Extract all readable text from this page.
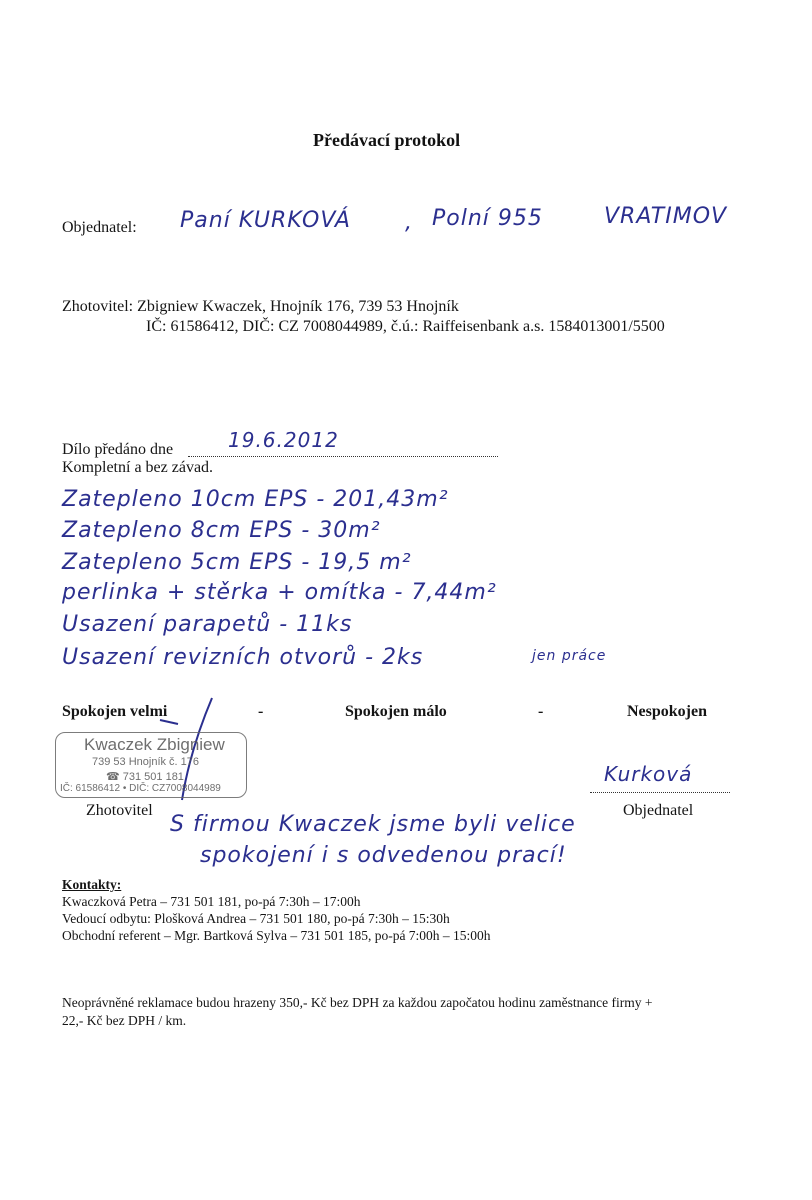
Předávací protokol
Objednatel: Paní KURKOVÁ , Polní 955	VRATIMOV
Zhotovitel: Zbigniew Kwaczek, Hnojník 176, 739 53 Hnojník
IČ: 61586412, DIČ: CZ 7008044989, č.ú.: Raiffeisenbank a.s. 1584013001/5500
Dílo předáno dne	19.6.2012
Kompletní a bez závad.
Zatepleno 10cm EPS - 201,43m²
Zatepleno 8cm EPS - 30m²
Zatepleno 5cm EPS - 19,5 m²
perlinka + stěrka + omítka - 7,44m²
Usazení parapetů - 11ks
Usazení revizních otvorů - 2ks	jen práce
Spokojen velmi	-	Spokojen málo	-	Nespokojen
Kwaczek Zbigniew
739 53 Hnojník č. 176
☎ 731 501 181
IČ: 61586412 • DIČ: CZ7008044989
Kurková
Zhotovitel	Objednatel
S firmou Kwaczek jsme byli velice
spokojení i s odvedenou prací!
Kontakty:
Kwaczková Petra – 731 501 181, po-pá 7:30h – 17:00h
Vedoucí odbytu: Plošková Andrea – 731 501 180, po-pá 7:30h – 15:30h
Obchodní referent – Mgr. Bartková Sylva – 731 501 185, po-pá 7:00h – 15:00h
Neoprávněné reklamace budou hrazeny 350,- Kč bez DPH za každou započatou hodinu zaměstnance firmy +
22,- Kč bez DPH / km.
